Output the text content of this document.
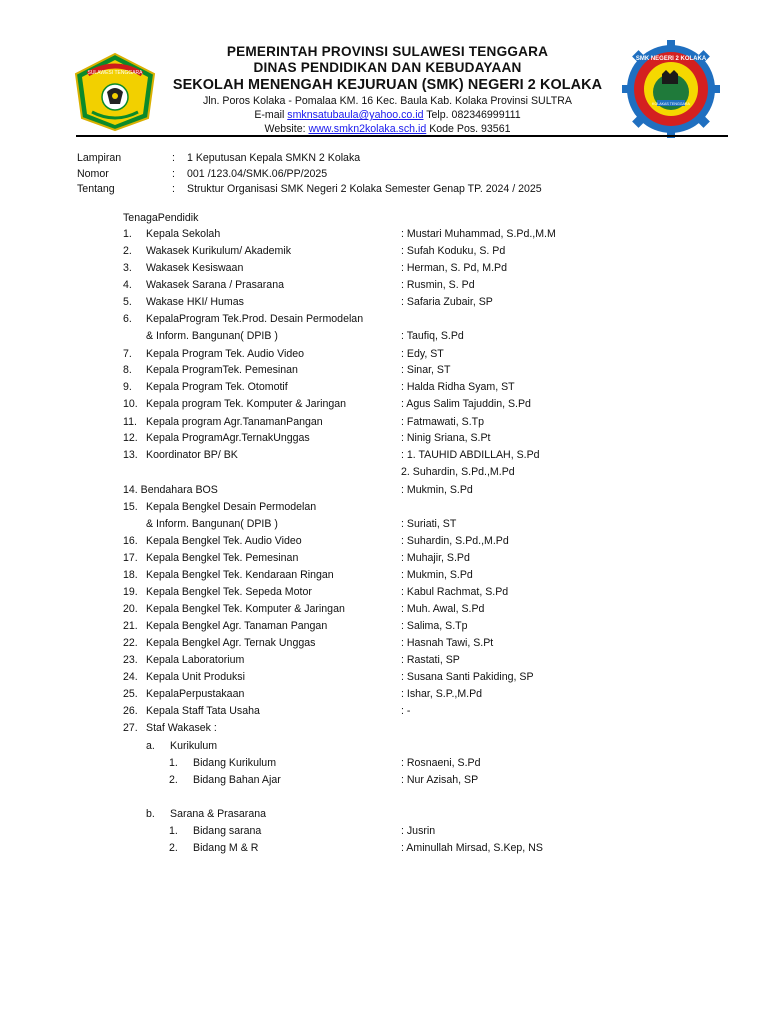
SULAWESI TENGGARA
SMK NEGERI 2 KOLAKA
KOLAKAS TENGGARA
PEMERINTAH PROVINSI SULAWESI TENGGARA
DINAS PENDIDIKAN DAN KEBUDAYAAN
SEKOLAH MENENGAH KEJURUAN (SMK) NEGERI 2 KOLAKA
Jln. Poros Kolaka - Pomalaa KM. 16 Kec. Baula Kab. Kolaka Provinsi SULTRA
E-mail smknsatubaula@yahoo.co.id Telp. 082346999111
Website: www.smkn2kolaka.sch.id Kode Pos. 93561
Lampiran	: 1 Keputusan Kepala SMKN 2 Kolaka
Nomor	: 001 /123.04/SMK.06/PP/2025
Tentang	: Struktur Organisasi SMK Negeri 2 Kolaka Semester Genap TP. 2024 / 2025
TenagaPendidik
1. Kepala Sekolah	: Mustari Muhammad, S.Pd.,M.M
2. Wakasek Kurikulum/ Akademik	: Sufah Koduku, S. Pd
3. Wakasek Kesiswaan	: Herman, S. Pd, M.Pd
4. Wakasek Sarana / Prasarana	: Rusmin, S. Pd
5. Wakase HKI/ Humas	: Safaria Zubair, SP
6. KepalaProgram Tek.Prod. Desain Permodelan
& Inform. Bangunan( DPIB )	: Taufiq, S.Pd
7. Kepala Program Tek. Audio Video	: Edy, ST
8. Kepala ProgramTek. Pemesinan	: Sinar, ST
9. Kepala Program Tek. Otomotif	: Halda Ridha Syam, ST
10. Kepala program Tek. Komputer & Jaringan	: Agus Salim Tajuddin, S.Pd
11. Kepala program Agr.TanamanPangan	: Fatmawati, S.Tp
12. Kepala ProgramAgr.TernakUnggas	: Ninig Sriana, S.Pt
13. Koordinator BP/ BK	: 1. TAUHID ABDILLAH, S.Pd
2. Suhardin, S.Pd.,M.Pd
14. Bendahara BOS	: Mukmin, S.Pd
15. Kepala Bengkel Desain Permodelan
& Inform. Bangunan( DPIB )	: Suriati, ST
16. Kepala Bengkel Tek. Audio Video	: Suhardin, S.Pd.,M.Pd
17. Kepala Bengkel Tek. Pemesinan	: Muhajir, S.Pd
18. Kepala Bengkel Tek. Kendaraan Ringan	: Mukmin, S.Pd
19. Kepala Bengkel Tek. Sepeda Motor	: Kabul Rachmat, S.Pd
20. Kepala Bengkel Tek. Komputer & Jaringan	: Muh. Awal, S.Pd
21. Kepala Bengkel Agr. Tanaman Pangan	: Salima, S.Tp
22. Kepala Bengkel Agr. Ternak Unggas	: Hasnah Tawi, S.Pt
23. Kepala Laboratorium	: Rastati, SP
24. Kepala Unit Produksi	: Susana Santi Pakiding, SP
25. KepalaPerpustakaan	: Ishar, S.P.,M.Pd
26. Kepala Staff Tata Usaha	: -
27. Staf Wakasek :
a. Kurikulum
1. Bidang Kurikulum	: Rosnaeni, S.Pd
2. Bidang Bahan Ajar	: Nur Azisah, SP
b. Sarana & Prasarana
1. Bidang sarana	: Jusrin
2. Bidang M & R	: Aminullah Mirsad, S.Kep, NS
